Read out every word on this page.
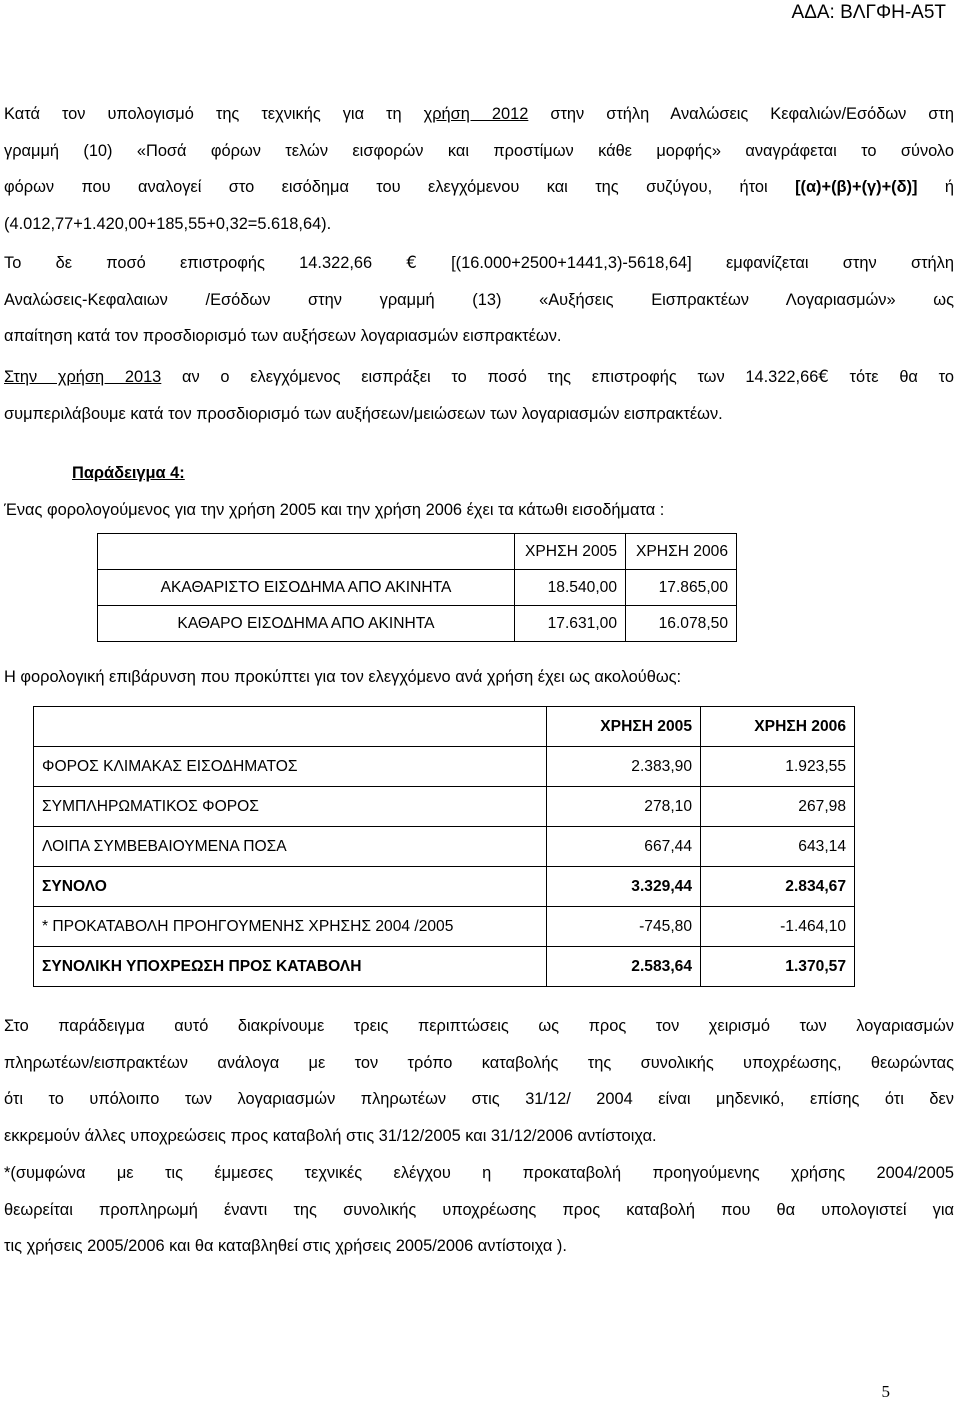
ΑΔΑ: ΒΛΓΦΗ-Α5Τ

Κατά τον υπολογισμό της τεχνικής για τη χρήση 2012 στην στήλη Αναλώσεις Κεφαλιών/Εσόδων στη
γραμμή (10) «Ποσά φόρων τελών εισφορών και προστίμων κάθε μορφής» αναγράφεται το σύνολο
φόρων που αναλογεί στο εισόδημα του ελεγχόμενου και της συζύγου, ήτοι [(α)+(β)+(γ)+(δ)] ή
(4.012,77+1.420,00+185,55+0,32=5.618,64).

Το δε ποσό επιστροφής 14.322,66 € [(16.000+2500+1441,3)-5618,64] εμφανίζεται στην στήλη
Αναλώσεις-Κεφαλαιων /Εσόδων στην γραμμή (13) «Αυξήσεις Εισπρακτέων Λογαριασμών» ως
απαίτηση κατά τον προσδιορισμό των αυξήσεων λογαριασμών εισπρακτέων.

Στην χρήση 2013 αν ο ελεγχόμενος εισπράξει το ποσό της επιστροφής των 14.322,66€ τότε θα το
συμπεριλάβουμε κατά τον προσδιορισμό των αυξήσεων/μειώσεων των λογαριασμών εισπρακτέων.

Παράδειγμα 4:
Ένας φορολογούμενος για την χρήση 2005 και την χρήση 2006 έχει τα κάτωθι εισοδήματα :
	ΧΡΗΣΗ 2005	ΧΡΗΣΗ 2006
ΑΚΑΘΑΡΙΣΤΟ ΕΙΣΟΔΗΜΑ ΑΠΟ ΑΚΙΝΗΤΑ	18.540,00	17.865,00
ΚΑΘΑΡΟ ΕΙΣΟΔΗΜΑ ΑΠΟ ΑΚΙΝΗΤΑ	17.631,00	16.078,50
Η φορολογική επιβάρυνση που προκύπτει για τον ελεγχόμενο ανά χρήση έχει ως ακολούθως:
	ΧΡΗΣΗ 2005	ΧΡΗΣΗ 2006
ΦΟΡΟΣ ΚΛΙΜΑΚΑΣ ΕΙΣΟΔΗΜΑΤΟΣ	2.383,90	1.923,55
ΣΥΜΠΛΗΡΩΜΑΤΙΚΟΣ ΦΟΡΟΣ	278,10	267,98
ΛΟΙΠΑ ΣΥΜΒΕΒΑΙΟΥΜΕΝΑ ΠΟΣΑ	667,44	643,14
ΣΥΝΟΛΟ	3.329,44	2.834,67
* ΠΡΟΚΑΤΑΒΟΛΗ ΠΡΟΗΓΟΥΜΕΝΗΣ ΧΡΗΣΗΣ 2004 /2005	-745,80	-1.464,10
ΣΥΝΟΛΙΚΗ ΥΠΟΧΡΕΩΣΗ ΠΡΟΣ ΚΑΤΑΒΟΛΗ	2.583,64	1.370,57

Στο παράδειγμα αυτό διακρίνουμε τρεις περιπτώσεις ως προς τον χειρισμό των λογαριασμών
πληρωτέων/εισπρακτέων ανάλογα με τον τρόπο καταβολής της συνολικής υποχρέωσης, θεωρώντας
ότι το υπόλοιπο των λογαριασμών πληρωτέων στις 31/12/ 2004 είναι μηδενικό, επίσης ότι δεν
εκκρεμούν άλλες υποχρεώσεις προς καταβολή στις 31/12/2005 και 31/12/2006 αντίστοιχα.

*(συμφώνα με τις έμμεσες τεχνικές ελέγχου η προκαταβολή προηγούμενης χρήσης 2004/2005
θεωρείται προπληρωμή έναντι της συνολικής υποχρέωσης προς καταβολή που θα υπολογιστεί για
τις χρήσεις 2005/2006 και θα καταβληθεί στις χρήσεις 2005/2006 αντίστοιχα ).

5
